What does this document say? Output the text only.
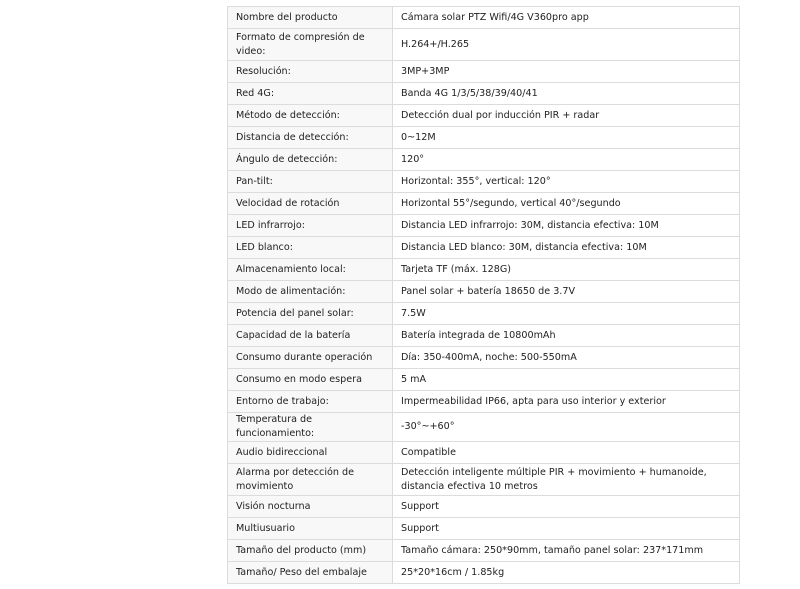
Nombre del producto	Cámara solar PTZ Wifi/4G V360pro app
Formato de compresión de video:	H.264+/H.265
Resolución:	3MP+3MP
Red 4G:	Banda 4G 1/3/5/38/39/40/41
Método de detección:	Detección dual por inducción PIR + radar
Distancia de detección:	0~12M
Ángulo de detección:	120°
Pan-tilt:	Horizontal: 355°, vertical: 120°
Velocidad de rotación	Horizontal 55°/segundo, vertical 40°/segundo
LED infrarrojo:	Distancia LED infrarrojo: 30M, distancia efectiva: 10M
LED blanco:	Distancia LED blanco: 30M, distancia efectiva: 10M
Almacenamiento local:	Tarjeta TF (máx. 128G)
Modo de alimentación:	Panel solar + batería 18650 de 3.7V
Potencia del panel solar:	7.5W
Capacidad de la batería	Batería integrada de 10800mAh
Consumo durante operación	Día: 350-400mA, noche: 500-550mA
Consumo en modo espera	5 mA
Entorno de trabajo:	Impermeabilidad IP66, apta para uso interior y exterior
Temperatura de funcionamiento:	-30°~+60°
Audio bidireccional	Compatible
Alarma por detección de movimiento	Detección inteligente múltiple PIR + movimiento + humanoide, distancia efectiva 10 metros
Visión nocturna	Support
Multiusuario	Support
Tamaño del producto (mm)	Tamaño cámara: 250*90mm, tamaño panel solar: 237*171mm
Tamaño/ Peso del embalaje	25*20*16cm / 1.85kg
